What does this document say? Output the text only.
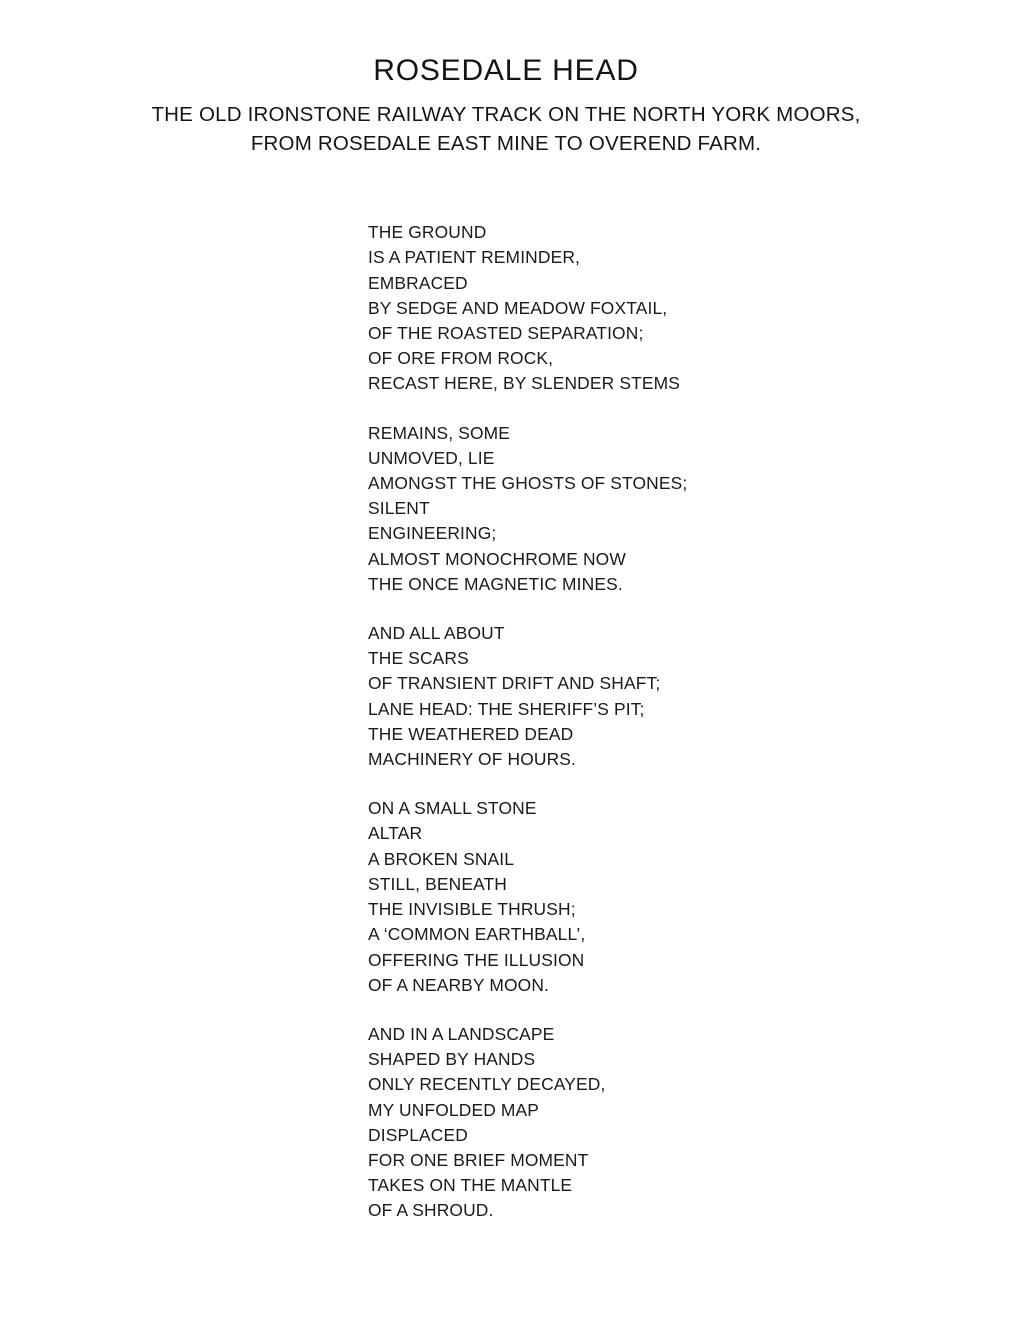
ROSEDALE HEAD
THE OLD IRONSTONE RAILWAY TRACK ON THE NORTH YORK MOORS,
FROM ROSEDALE EAST MINE TO OVEREND FARM.
THE GROUND
IS A PATIENT REMINDER,
EMBRACED
BY SEDGE AND MEADOW FOXTAIL,
OF THE ROASTED SEPARATION;
OF ORE FROM ROCK,
RECAST HERE, BY SLENDER STEMS
REMAINS, SOME
UNMOVED, LIE
AMONGST THE GHOSTS OF STONES;
SILENT
ENGINEERING;
ALMOST MONOCHROME NOW
THE ONCE MAGNETIC MINES.
AND ALL ABOUT
THE SCARS
OF TRANSIENT DRIFT AND SHAFT;
LANE HEAD: THE SHERIFF’S PIT;
THE WEATHERED DEAD
MACHINERY OF HOURS.
ON A SMALL STONE
ALTAR
A BROKEN SNAIL
STILL, BENEATH
THE INVISIBLE THRUSH;
A ‘COMMON EARTHBALL’,
OFFERING THE ILLUSION
OF A NEARBY MOON.
AND IN A LANDSCAPE
SHAPED BY HANDS
ONLY RECENTLY DECAYED,
MY UNFOLDED MAP
DISPLACED
FOR ONE BRIEF MOMENT
TAKES ON THE MANTLE
OF A SHROUD.
